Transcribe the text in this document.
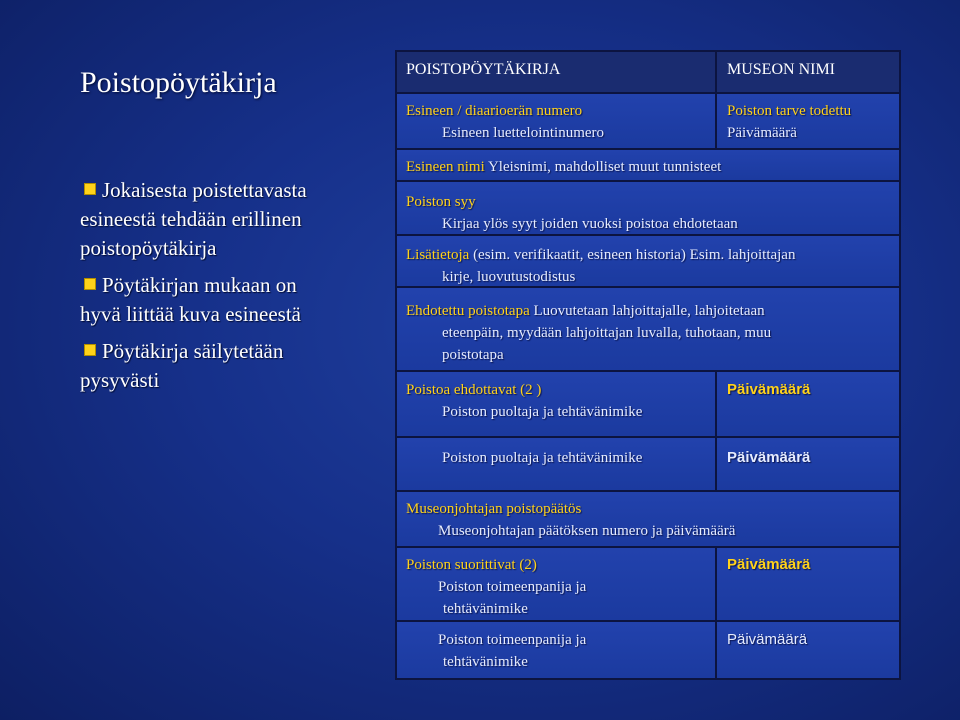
Poistopöytäkirja
Jokaisesta poistettavasta esineestä tehdään erillinen poistopöytäkirja
Pöytäkirjan mukaan on hyvä liittää kuva esineestä
Pöytäkirja säilytetään pysyvästi
POISTOPÖYTÄKIRJA	MUSEON NIMI
Esineen / diaarioerän numero
Esineen luettelointinumero
Poiston tarve todettu
Päivämäärä
Esineen nimi Yleisnimi, mahdolliset muut tunnisteet
Poiston syy
Kirjaa ylös syyt joiden vuoksi poistoa ehdotetaan
Lisätietoja (esim. verifikaatit, esineen historia) Esim. lahjoittajan
kirje, luovutustodistus
Ehdotettu poistotapa Luovutetaan lahjoittajalle, lahjoitetaan
eteenpäin, myydään lahjoittajan luvalla, tuhotaan, muu
poistotapa
Poistoa ehdottavat (2 )
Poiston puoltaja ja tehtävänimike
Päivämäärä
Poiston puoltaja ja tehtävänimike	Päivämäärä
Museonjohtajan poistopäätös
Museonjohtajan päätöksen numero ja päivämäärä
Poiston suorittivat (2)
Poiston toimeenpanija ja
tehtävänimike
Päivämäärä
Poiston toimeenpanija ja
tehtävänimike
Päivämäärä
